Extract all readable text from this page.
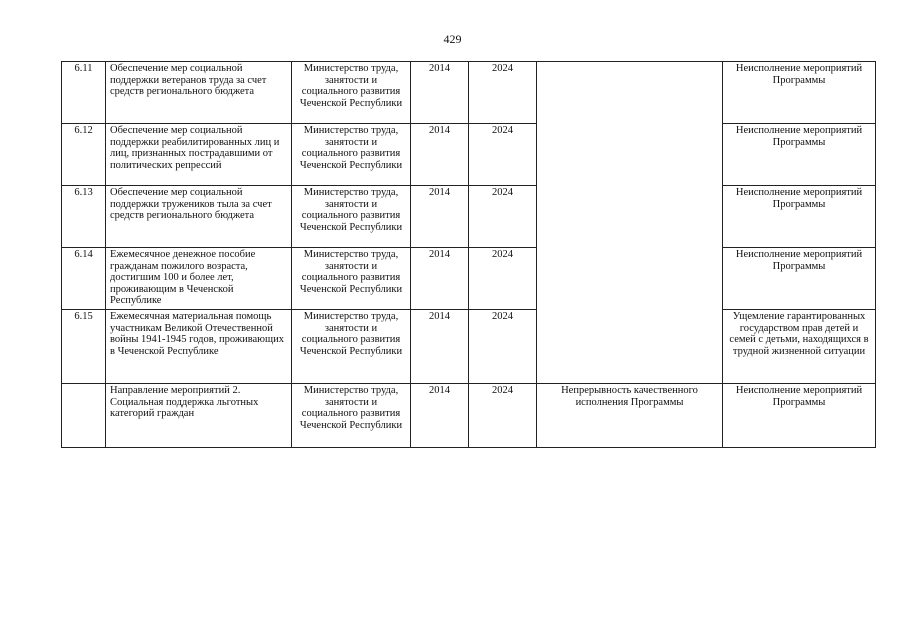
429
6.11	Обеспечение мер социальной поддержки ветеранов труда за счет средств регионального бюджета	Министерство труда, занятости и социального развития Чеченской Республики	2014	2024		Неисполнение мероприятий Программы
6.12	Обеспечение мер социальной поддержки реабилитированных лиц и лиц, признанных пострадавшими от политических репрессий	Министерство труда, занятости и социального развития Чеченской Республики	2014	2024		Неисполнение мероприятий Программы
6.13	Обеспечение мер социальной поддержки тружеников тыла за счет средств регионального бюджета	Министерство труда, занятости и социального развития Чеченской Республики	2014	2024		Неисполнение мероприятий Программы
6.14	Ежемесячное денежное пособие гражданам пожилого возраста, достигшим 100 и более лет, проживающим в Чеченской Республике	Министерство труда, занятости и социального развития Чеченской Республики	2014	2024		Неисполнение мероприятий Программы
6.15	Ежемесячная материальная помощь участникам Великой Отечественной войны 1941-1945 годов, проживающих в Чеченской Республике	Министерство труда, занятости и социального развития Чеченской Республики	2014	2024		Ущемление гарантированных государством прав детей и семей с детьми, находящихся в трудной жизненной ситуации
	Направление мероприятий 2. Социальная поддержка льготных категорий граждан	Министерство труда, занятости и социального развития Чеченской Республики	2014	2024	Непрерывность качественного исполнения Программы	Неисполнение мероприятий Программы
